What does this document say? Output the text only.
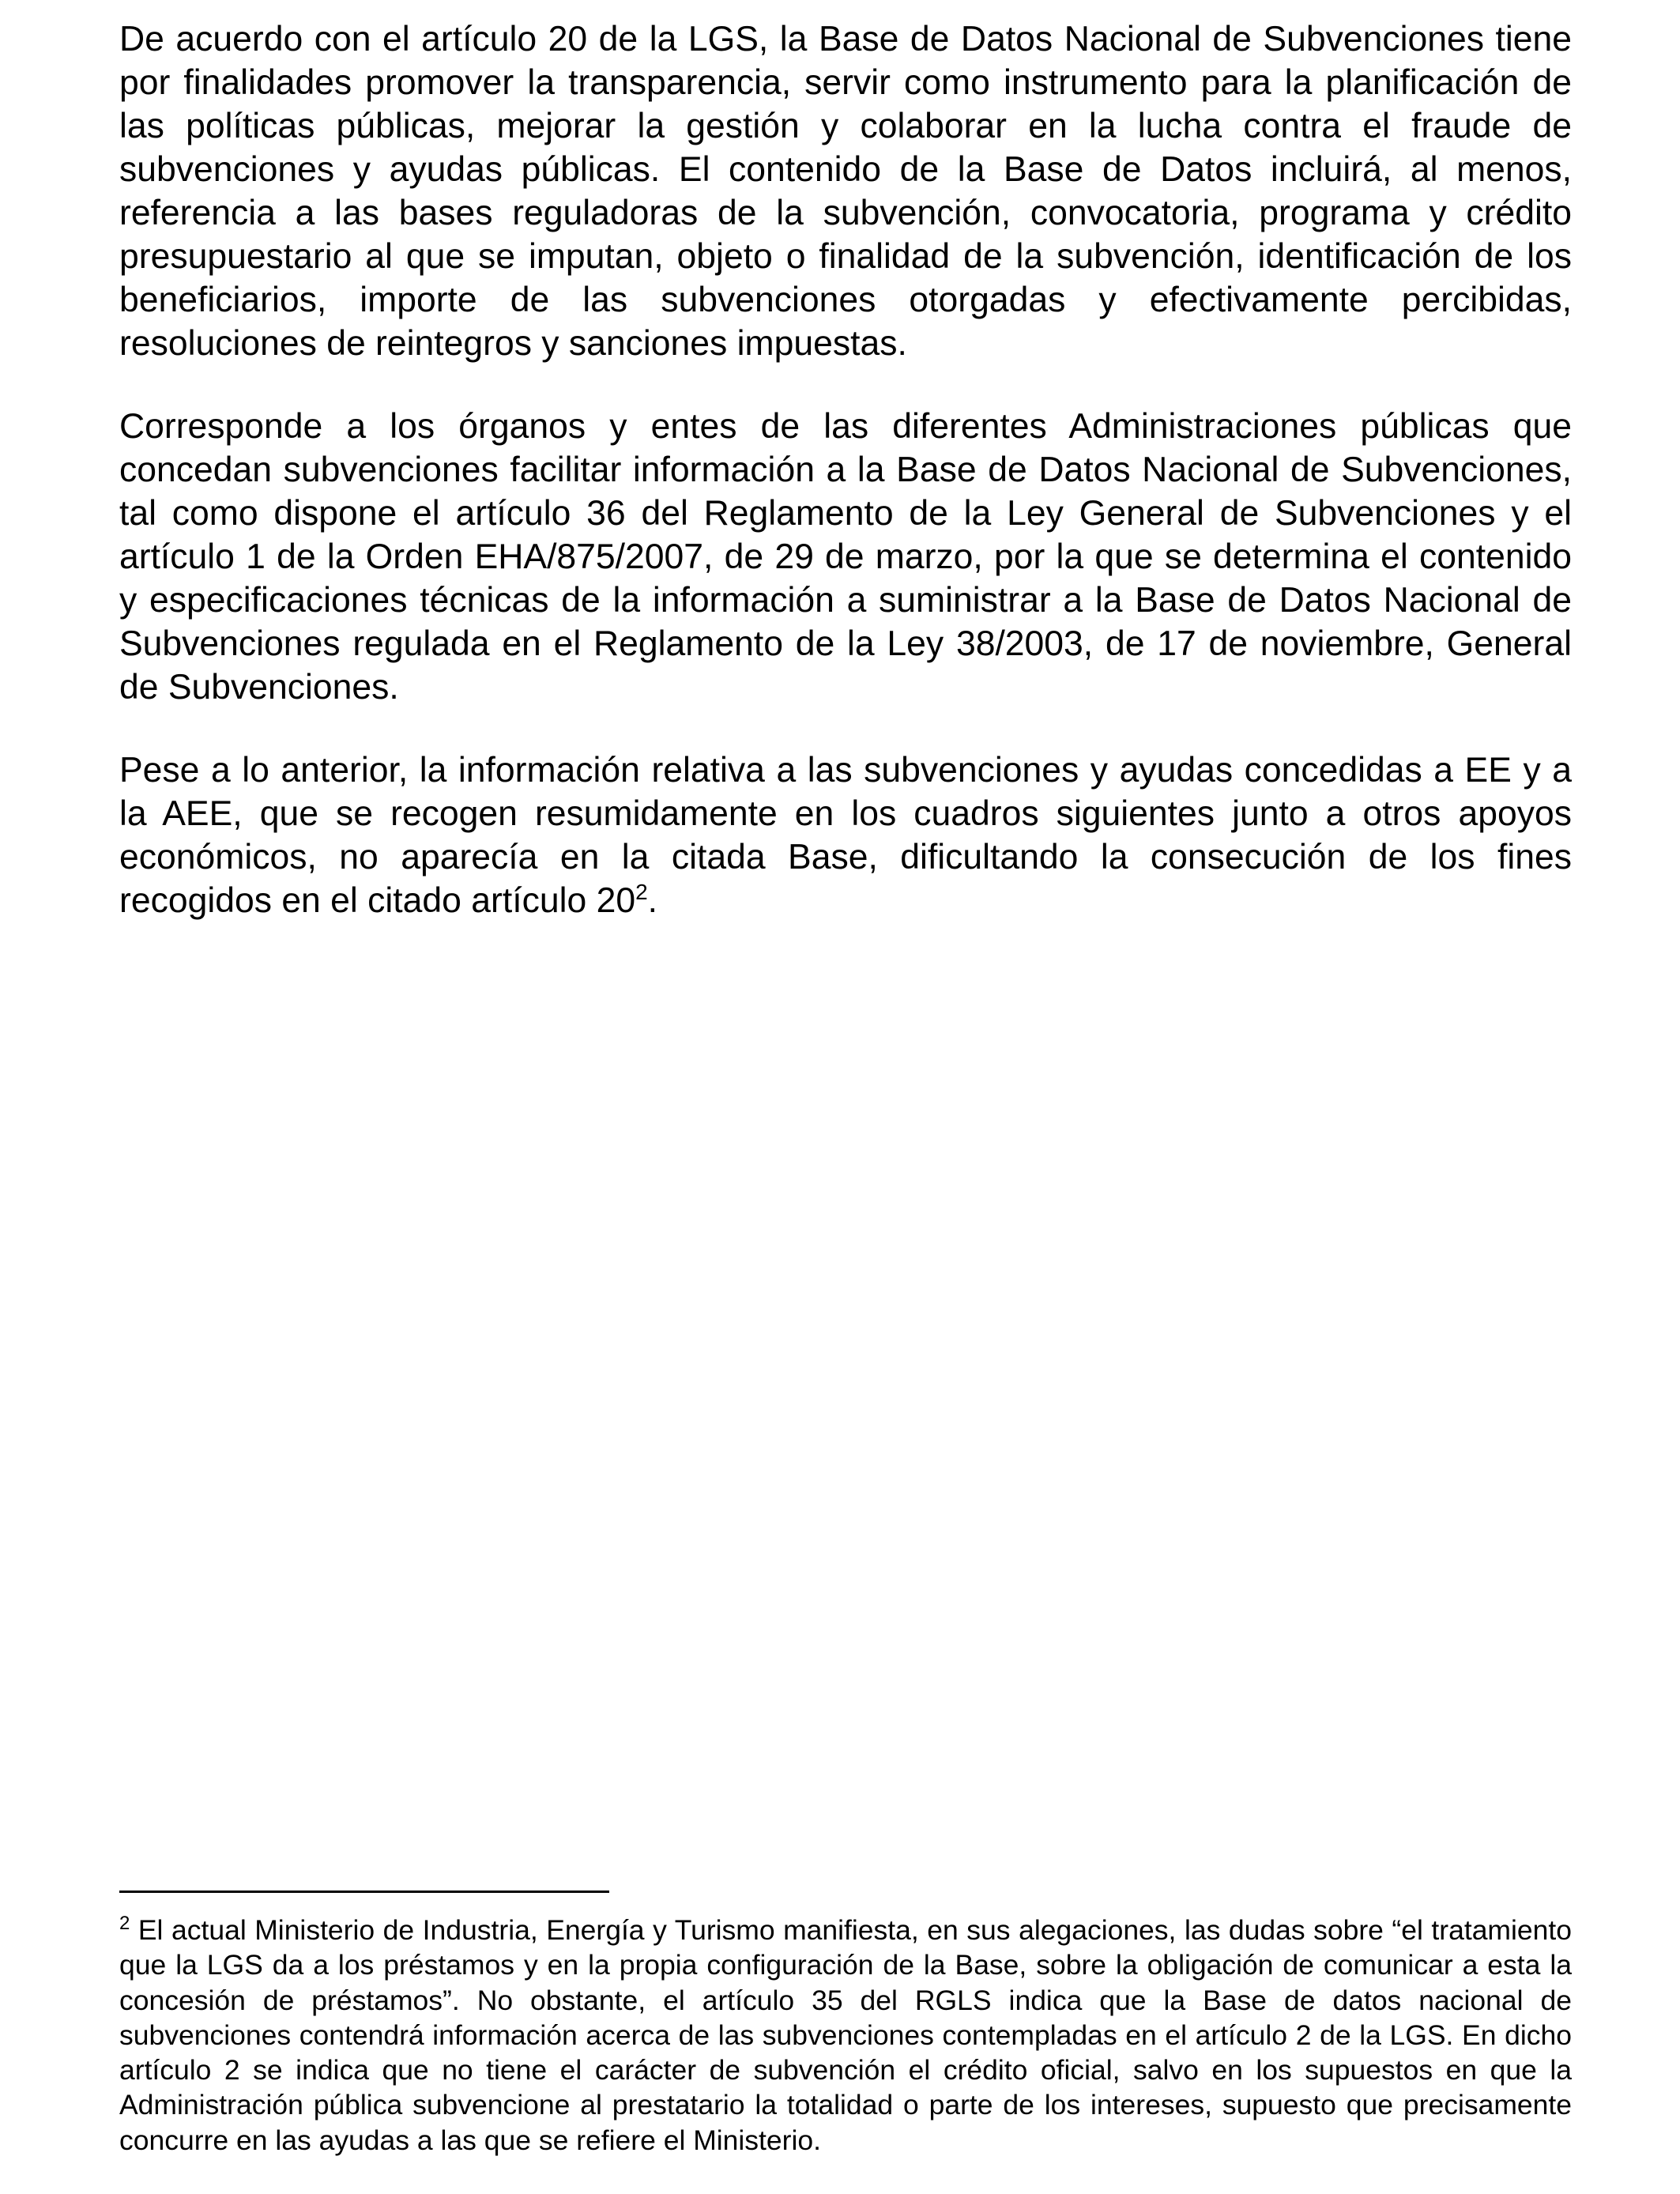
De acuerdo con el artículo 20 de la LGS, la Base de Datos Nacional de Subvenciones tiene por finalidades promover la transparencia, servir como instrumento para la planificación de las políticas públicas, mejorar la gestión y colaborar en la lucha contra el fraude de subvenciones y ayudas públicas. El contenido de la Base de Datos incluirá, al menos, referencia a las bases reguladoras de la subvención, convocatoria, programa y crédito presupuestario al que se imputan, objeto o finalidad de la subvención, identificación de los beneficiarios, importe de las subvenciones otorgadas y efectivamente percibidas, resoluciones de reintegros y sanciones impuestas.

Corresponde a los órganos y entes de las diferentes Administraciones públicas que concedan subvenciones facilitar información a la Base de Datos Nacional de Subvenciones, tal como dispone el artículo 36 del Reglamento de la Ley General de Subvenciones y el artículo 1 de la Orden EHA/875/2007, de 29 de marzo, por la que se determina el contenido y especificaciones técnicas de la información a suministrar a la Base de Datos Nacional de Subvenciones regulada en el Reglamento de la Ley 38/2003, de 17 de noviembre, General de Subvenciones.

Pese a lo anterior, la información relativa a las subvenciones y ayudas concedidas a EE y a la AEE, que se recogen resumidamente en los cuadros siguientes junto a otros apoyos económicos, no aparecía en la citada Base, dificultando la consecución de los fines recogidos en el citado artículo $20^2$.

$^2$ El actual Ministerio de Industria, Energía y Turismo manifiesta, en sus alegaciones, las dudas sobre “el tratamiento que la LGS da a los préstamos y en la propia configuración de la Base, sobre la obligación de comunicar a esta la concesión de préstamos”. No obstante, el artículo 35 del RGLS indica que la Base de datos nacional de subvenciones contendrá información acerca de las subvenciones contempladas en el artículo 2 de la LGS. En dicho artículo 2 se indica que no tiene el carácter de subvención el crédito oficial, salvo en los supuestos en que la Administración pública subvencione al prestatario la totalidad o parte de los intereses, supuesto que precisamente concurre en las ayudas a las que se refiere el Ministerio.
